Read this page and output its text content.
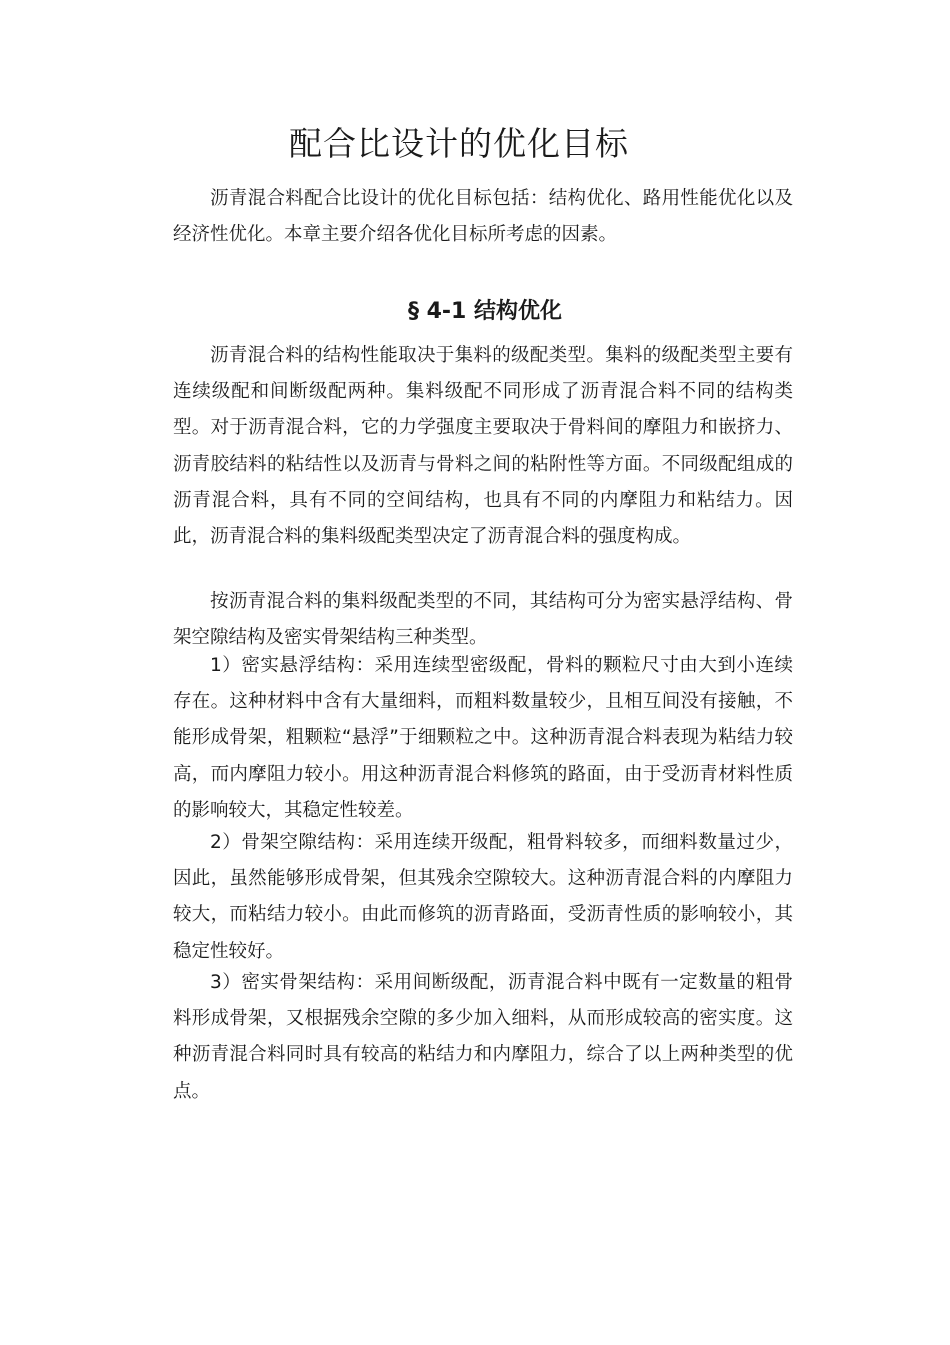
配合比设计的优化目标

沥青混合料配合比设计的优化目标包括：结构优化、路用性能优化以及经济性优化。本章主要介绍各优化目标所考虑的因素。

§ 4-1 结构优化

沥青混合料的结构性能取决于集料的级配类型。集料的级配类型主要有连续级配和间断级配两种。集料级配不同形成了沥青混合料不同的结构类型。对于沥青混合料，它的力学强度主要取决于骨料间的摩阻力和嵌挤力、沥青胶结料的粘结性以及沥青与骨料之间的粘附性等方面。不同级配组成的沥青混合料，具有不同的空间结构，也具有不同的内摩阻力和粘结力。因此，沥青混合料的集料级配类型决定了沥青混合料的强度构成。

按沥青混合料的集料级配类型的不同，其结构可分为密实悬浮结构、骨架空隙结构及密实骨架结构三种类型。

1）密实悬浮结构：采用连续型密级配，骨料的颗粒尺寸由大到小连续存在。这种材料中含有大量细料，而粗料数量较少，且相互间没有接触，不能形成骨架，粗颗粒“悬浮”于细颗粒之中。这种沥青混合料表现为粘结力较高，而内摩阻力较小。用这种沥青混合料修筑的路面，由于受沥青材料性质的影响较大，其稳定性较差。

2）骨架空隙结构：采用连续开级配，粗骨料较多，而细料数量过少，因此，虽然能够形成骨架，但其残余空隙较大。这种沥青混合料的内摩阻力较大，而粘结力较小。由此而修筑的沥青路面，受沥青性质的影响较小，其稳定性较好。

3）密实骨架结构：采用间断级配，沥青混合料中既有一定数量的粗骨料形成骨架，又根据残余空隙的多少加入细料，从而形成较高的密实度。这种沥青混合料同时具有较高的粘结力和内摩阻力，综合了以上两种类型的优点。
